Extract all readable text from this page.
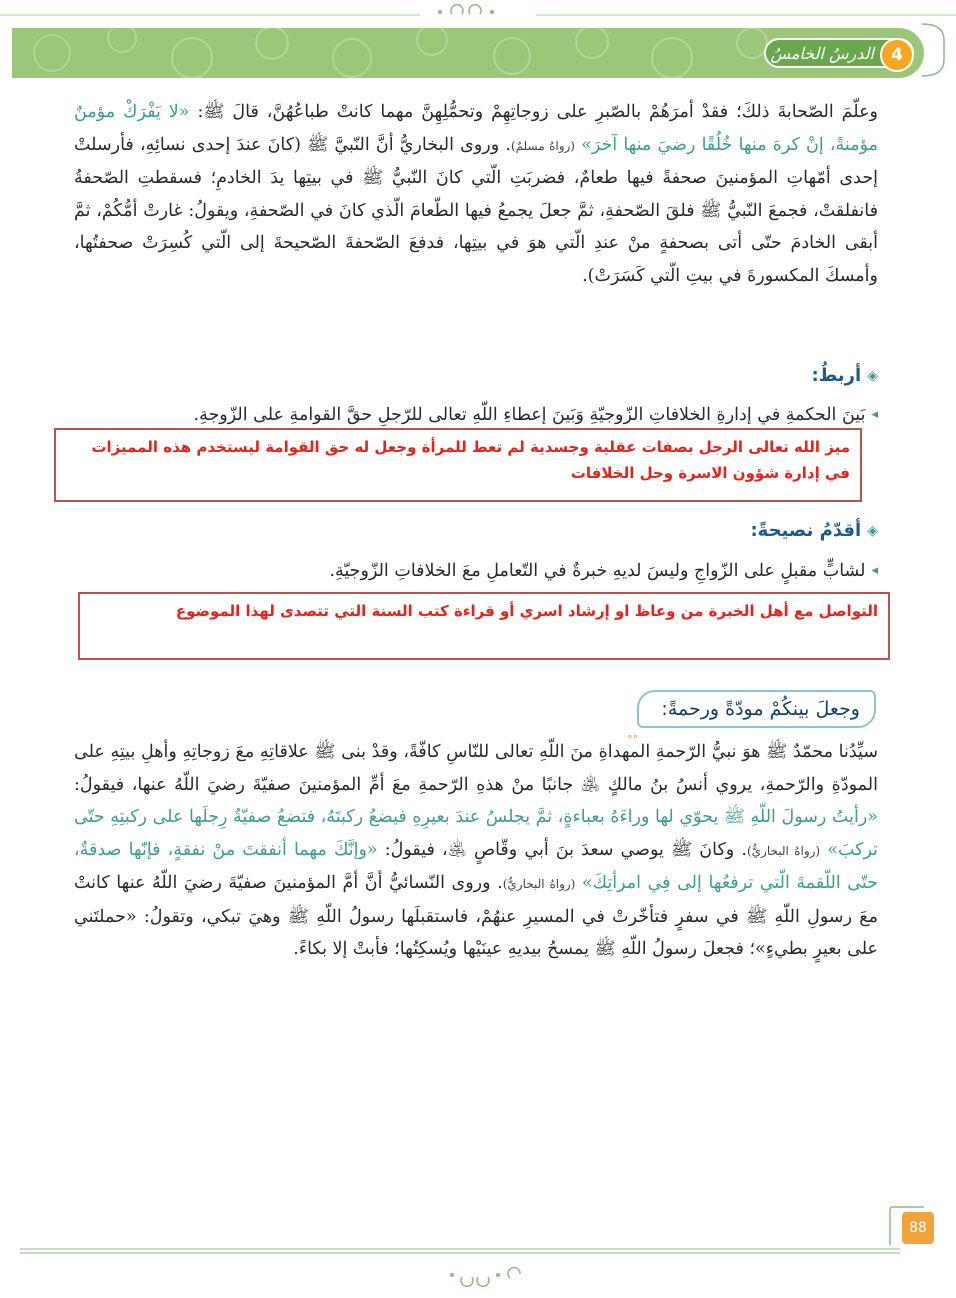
4
الدرسُ الخامسُ

وعلّمَ الصّحابةَ ذلكَ؛ فقدْ أمرَهُمْ بالصّبرِ على زوجاتِهِمْ وتحمُّلِهِنَّ مهما كانتْ طباعُهُنَّ، قالَ ﷺ: «لا يَفْرَكْ مؤمنٌ مؤمنةً، إنْ كرهَ منها خُلُقًا رضيَ منها آخرَ» (رواهُ مسلمٌ). وروى البخاريُّ أنَّ النّبيَّ ﷺ (كانَ عندَ إحدى نسائِهِ، فأرسلتْ إحدى أمّهاتِ المؤمنينَ صحفةً فيها طعامٌ، فضربَتِ الّتي كانَ النّبيُّ ﷺ في بيتِها يدَ الخادمِ؛ فسقطتِ الصّحفةُ فانفلقتْ، فجمعَ النّبيُّ ﷺ فلقَ الصّحفةِ، ثمَّ جعلَ يجمعُ فيها الطّعامَ الّذي كانَ في الصّحفةِ، ويقولُ: غارتْ أمُّكُمْ، ثمَّ أبقى الخادمَ حتّى أتى بصحفةٍ منْ عندِ الّتي هوَ في بيتِها، فدفعَ الصّحفةَ الصّحيحةَ إلى الّتي كُسِرَتْ صحفتُها، وأمسكَ المكسورةَ في بيتِ الّتي كَسَرَتْ).

◈
أربطُ:
◂
بَينَ الحكمةِ في إدارةِ الخلافاتِ الزّوجيّةِ وَبَينَ إعطاءِ اللّهِ تعالى للرّجلِ حقَّ القوامةِ على الزّوجةِ.
ميز الله تعالى الرجل بصفات عقلية وجسدية لم تعط للمرأة وجعل له حق القوامة ليستخدم هذه المميزات في إدارة شؤون الاسرة وحل الخلافات
◈
أقدّمُ نصيحةً:
◂
لشابٍّ مقبلٍ على الزّواجِ وليسَ لديهِ خبرةٌ في التّعاملِ معَ الخلافاتِ الزّوجيّةِ.
التواصل مع أهل الخبرة من وعاظ او إرشاد اسري أو قراءة كتب السنة التي تتصدى لهذا الموضوع
وجعلَ بينكُمْ مودّةً ورحمةً:
∘∘

سيِّدُنا محمّدٌ ﷺ هوَ نبيُّ الرّحمةِ المهداةِ منَ اللّهِ تعالى للنّاسِ كافّةً، وقدْ بنى ﷺ علاقاتِهِ معَ زوجاتِهِ وأهلِ بيتِهِ على المودّةِ والرّحمةِ، يروي أنسُ بنُ مالكٍ ﵁ جانبًا منْ هذهِ الرّحمةِ معَ أمِّ المؤمنينَ صفيّةَ رضيَ اللّهُ عنها، فيقولُ: «رأيتُ رسولَ اللّهِ ﷺ يحوّي لها وراءَهُ بعباءةٍ، ثمَّ يجلسُ عندَ بعيرِهِ فيضعُ ركبتَهُ، فتضعُ صفيّةُ رِجلَها على ركبتِهِ حتّى تركبَ» (رواهُ البخاريُّ). وكانَ ﷺ يوصي سعدَ بنَ أبي وقّاصٍ ﵁، فيقولُ: «وإنَّكَ مهما أنفقتَ منْ نفقةٍ، فإنّها صدقةٌ، حتّى اللّقمةَ الّتي ترفعُها إلى فِي امرأتِكَ» (رواهُ البخاريُّ). وروى النّسائيُّ أنَّ أمَّ المؤمنينَ صفيّةَ رضيَ اللّهُ عنها كانتْ معَ رسولِ اللّهِ ﷺ في سفرٍ فتأخّرتْ في المسيرِ عنهُمْ، فاستقبلَها رسولُ اللّهِ ﷺ وهيَ تبكي، وتقولُ: «حملتَني على بعيرٍ بطيءٍ»؛ فجعلَ رسولُ اللّهِ ﷺ يمسحُ بيديهِ عينَيْها ويُسكِتُها؛ فأبتْ إلا بكاءً.

88
